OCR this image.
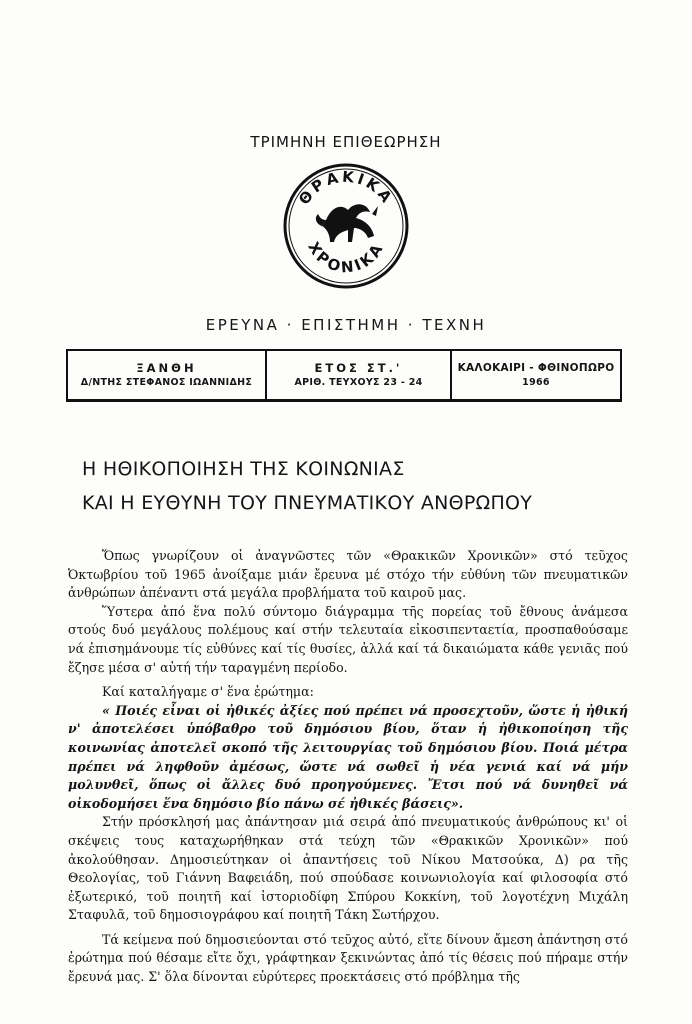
ΤΡΙΜΗΝΗ ΕΠΙΘΕΩΡΗΣΗ
ΘΡΑΚΙΚΑ
ΧΡΟΝΙΚΑ
ΕΡΕΥΝΑ · ΕΠΙΣΤΗΜΗ · ΤΕΧΝΗ
ΞΑΝΘΗ
Δ/ΝΤΗΣ ΣΤΕΦΑΝΟΣ ΙΩΑΝΝΙΔΗΣ
ΕΤΟΣ ΣΤ.'
ΑΡΙΘ. ΤΕΥΧΟΥΣ 23 - 24
ΚΑΛΟΚΑΙΡΙ - ΦΘΙΝΟΠΩΡΟ
1966
Η ΗΘΙΚΟΠΟΙΗΣΗ ΤΗΣ ΚΟΙΝΩΝΙΑΣ
ΚΑΙ Η ΕΥΘΥΝΗ ΤΟΥ ΠΝΕΥΜΑΤΙΚΟΥ ΑΝΘΡΩΠΟΥ

Ὅπως γνωρίζουν οἱ ἀναγνῶστες τῶν «Θρακικῶν Χρονικῶν» στό τεῦχος Ὀκτωβρίου τοῦ 1965 ἀνοίξαμε μιάν ἔρευνα μέ στόχο τήν εὐθύνη τῶν πνευματικῶν ἀνθρώπων ἀπέναντι στά μεγάλα προβλήματα τοῦ καιροῦ μας.

Ὕστερα ἀπό ἕνα πολύ σύντομο διάγραμμα τῆς πορείας τοῦ ἔθνους ἀνάμεσα στούς δυό μεγάλους πολέμους καί στήν τελευταία εἰκοσιπενταετία, προσπαθούσαμε νά ἐπισημάνουμε τίς εὐθύνες καί τίς θυσίες, ἀλλά καί τά δικαιώματα κάθε γενιᾶς πού ἔζησε μέσα σ' αὐτή τήν ταραγμένη περίοδο.

Καί καταλήγαμε σ' ἕνα ἐρώτημα:

« Ποιές εἶναι οἱ ἠθικές ἀξίες πού πρέπει νά προσεχτοῦν, ὥστε ἡ ἠθική ν' ἀποτελέσει ὑπόβαθρο τοῦ δημόσιου βίου, ὅταν ἡ ἠθικοποίηση τῆς κοινωνίας ἀποτελεῖ σκοπό τῆς λειτουργίας τοῦ δημόσιου βίου. Ποιά μέτρα πρέπει νά ληφθοῦν ἀμέσως, ὥστε νά σωθεῖ ἡ νέα γενιά καί νά μήν μολυνθεῖ, ὅπως οἱ ἄλλες δυό προηγούμενες. Ἔτσι πού νά δυνηθεῖ νά οἰκοδομήσει ἕνα δημόσιο βίο πάνω σέ ἠθικές βάσεις».

Στήν πρόσκλησή μας ἀπάντησαν μιά σειρά ἀπό πνευματικούς ἀνθρώπους κι' οἱ σκέψεις τους καταχωρήθηκαν στά τεύχη τῶν «Θρακικῶν Χρονικῶν» πού ἀκολούθησαν. Δημοσιεύτηκαν οἱ ἀπαντήσεις τοῦ Νίκου Ματσούκα, Δ) ρα τῆς Θεολογίας, τοῦ Γιάννη Βαφειάδη, πού σπούδασε κοινωνιολογία καί φιλοσοφία στό ἐξωτερικό, τοῦ ποιητῆ καί ἱστοριοδίφη Σπύρου Κοκκίνη, τοῦ λογοτέχνη Μιχάλη Σταφυλᾶ, τοῦ δημοσιογράφου καί ποιητῆ Τάκη Σωτήρχου.

Τά κείμενα πού δημοσιεύονται στό τεῦχος αὐτό, εἴτε δίνουν ἄμεση ἀπάντηση στό ἐρώτημα πού θέσαμε εἴτε ὄχι, γράφτηκαν ξεκινώντας ἀπό τίς θέσεις πού πήραμε στήν ἔρευνά μας. Σ' ὅλα δίνονται εὐρύτερες προεκτάσεις στό πρόβλημα τῆς
